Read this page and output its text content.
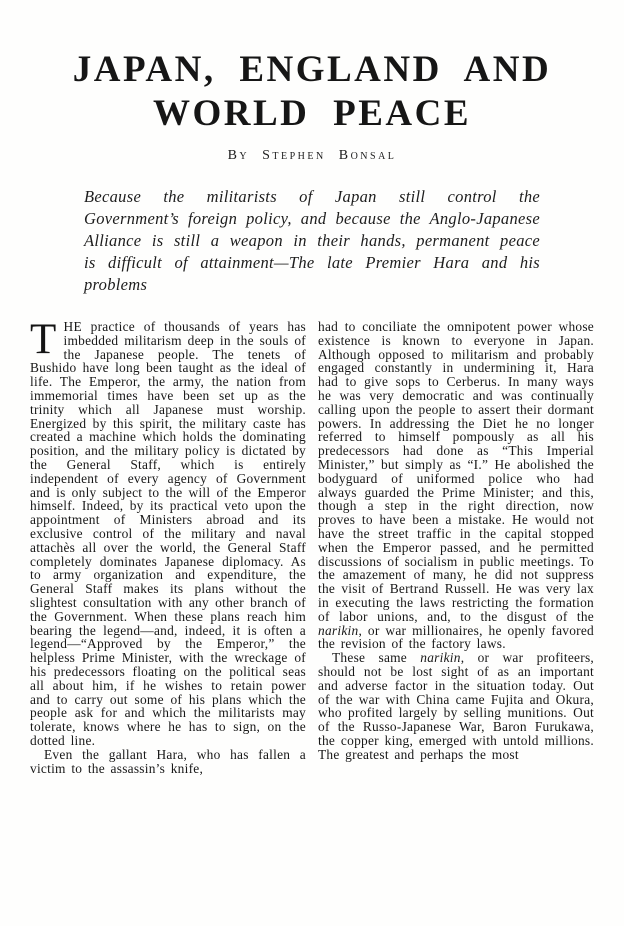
JAPAN, ENGLAND AND
WORLD PEACE
By Stephen Bonsal

Because the militarists of Japan still control the Government’s foreign policy, and because the Anglo-Japanese Alliance is still a weapon in their hands, permanent peace is difficult of attainment—The late Premier Hara and his problems

THE practice of thousands of years has imbedded militarism deep in the souls of the Japanese people. The tenets of Bushido have long been taught as the ideal of life. The Emperor, the army, the nation from immemorial times have been set up as the trinity which all Japanese must worship. Energized by this spirit, the military caste has created a machine which holds the dominating position, and the military policy is dictated by the General Staff, which is entirely independent of every agency of Government and is only subject to the will of the Emperor himself. Indeed, by its practical veto upon the appointment of Ministers abroad and its exclusive control of the military and naval attachès all over the world, the General Staff completely dominates Japanese diplomacy. As to army organization and expenditure, the General Staff makes its plans without the slightest consultation with any other branch of the Government. When these plans reach him bearing the legend—and, indeed, it is often a legend—“Approved by the Emperor,” the helpless Prime Minister, with the wreckage of his predecessors floating on the political seas all about him, if he wishes to retain power and to carry out some of his plans which the people ask for and which the militarists may tolerate, knows where he has to sign, on the dotted line.

Even the gallant Hara, who has fallen a victim to the assassin’s knife,

had to conciliate the omnipotent power whose existence is known to everyone in Japan. Although opposed to militarism and probably engaged constantly in undermining it, Hara had to give sops to Cerberus. In many ways he was very democratic and was continually calling upon the people to assert their dormant powers. In addressing the Diet he no longer referred to himself pompously as all his predecessors had done as “This Imperial Minister,” but simply as “I.” He abolished the bodyguard of uniformed police who had always guarded the Prime Minister; and this, though a step in the right direction, now proves to have been a mistake. He would not have the street traffic in the capital stopped when the Emperor passed, and he permitted discussions of socialism in public meetings. To the amazement of many, he did not suppress the visit of Bertrand Russell. He was very lax in executing the laws restricting the formation of labor unions, and, to the disgust of the narikin, or war millionaires, he openly favored the revision of the factory laws.

These same narikin, or war profiteers, should not be lost sight of as an important and adverse factor in the situation today. Out of the war with China came Fujita and Okura, who profited largely by selling munitions. Out of the Russo-Japanese War, Baron Furukawa, the copper king, emerged with untold millions. The greatest and perhaps the most
